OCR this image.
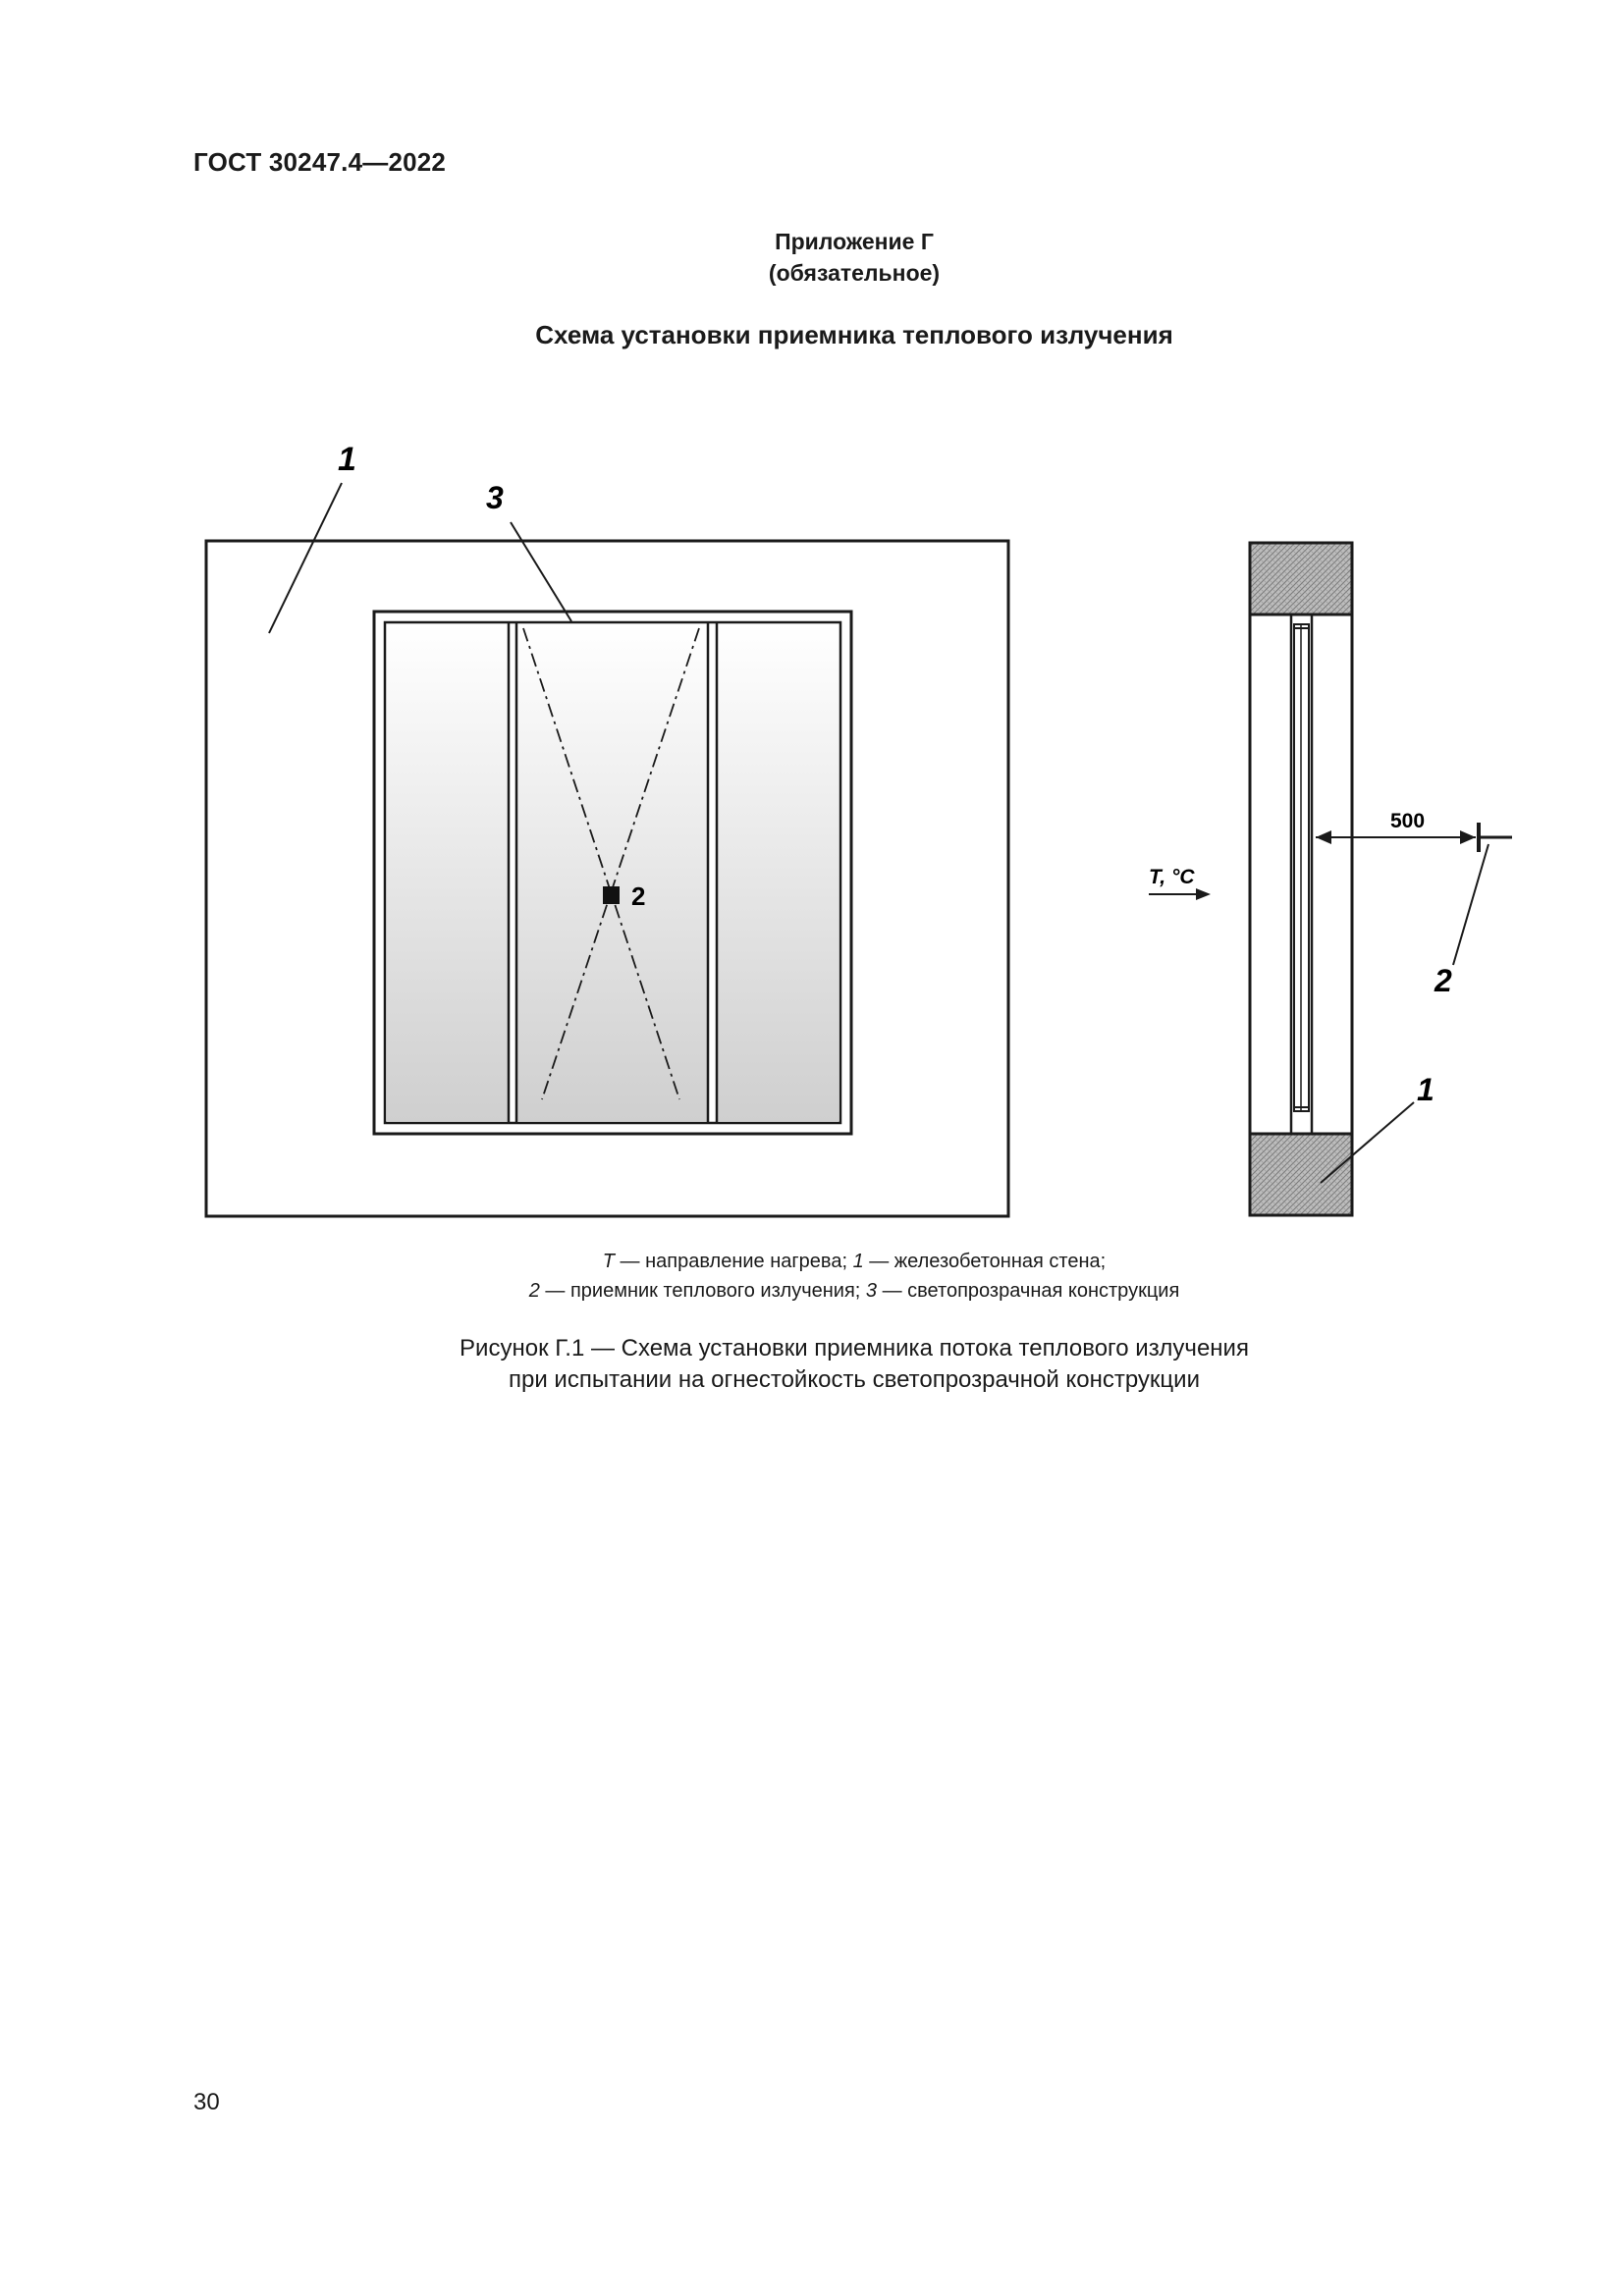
ГОСТ 30247.4—2022
Приложение Г
(обязательное)
Схема установки приемника теплового излучения
2
1
3
500
2
T, °C
1
T — направление нагрева; 1 — железобетонная стена;
2 — приемник теплового излучения; 3 — светопрозрачная конструкция
Рисунок Г.1 — Схема установки приемника потока теплового излучения
при испытании на огнестойкость светопрозрачной конструкции
30
